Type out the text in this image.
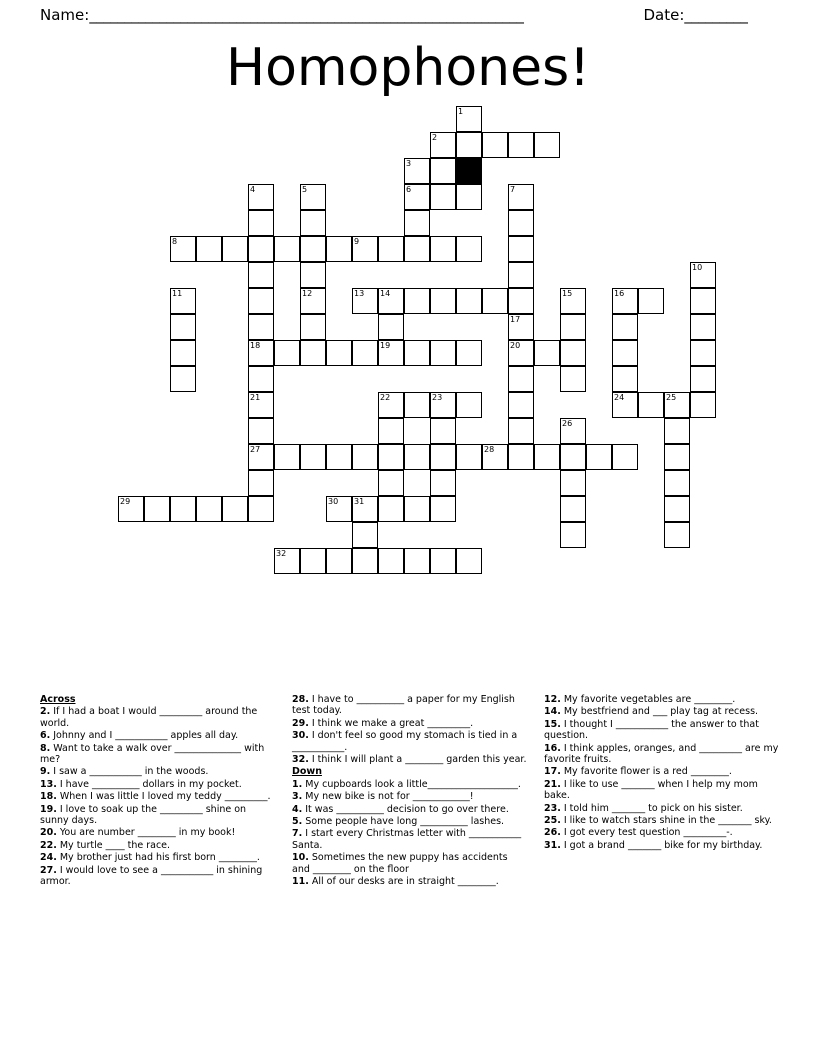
Name: ______________________________________________________________	Date: _________
Homophones!
1
2
3
4	5	6	7
8	9
10
11	12	13 14	15	16
17
18	19	20
21	22	23	24	25
26
27	28
29	30 31
32
Across

2. If I had a boat I would _________ around the world.

6. Johnny and I ___________ apples all day.

8. Want to take a walk over ______________ with me?

9. I saw a ___________ in the woods.

13. I have __________ dollars in my pocket.

18. When I was little I loved my teddy _________.

19. I love to soak up the _________ shine on sunny days.

20. You are number ________ in my book!

22. My turtle ____ the race.

24. My brother just had his first born ________.

27. I would love to see a ___________ in shining armor.

28. I have to __________ a paper for my English test today.

29. I think we make a great _________.

30. I don't feel so good my stomach is tied in a ___________.

32. I think I will plant a ________ garden this year.

Down

1. My cupboards look a little___________________.

3. My new bike is not for ____________!

4. It was __________ decision to go over there.

5. Some people have long __________ lashes.

7. I start every Christmas letter with ___________ Santa.

10. Sometimes the new puppy has accidents and ________ on the floor

11. All of our desks are in straight ________.

12. My favorite vegetables are ________.

14. My bestfriend and ___ play tag at recess.

15. I thought I ___________ the answer to that question.

16. I think apples, oranges, and _________ are my favorite fruits.

17. My favorite flower is a red ________.

21. I like to use _______ when I help my mom bake.

23. I told him _______ to pick on his sister.

25. I like to watch stars shine in the _______ sky.

26. I got every test question _________-.

31. I got a brand _______ bike for my birthday.
